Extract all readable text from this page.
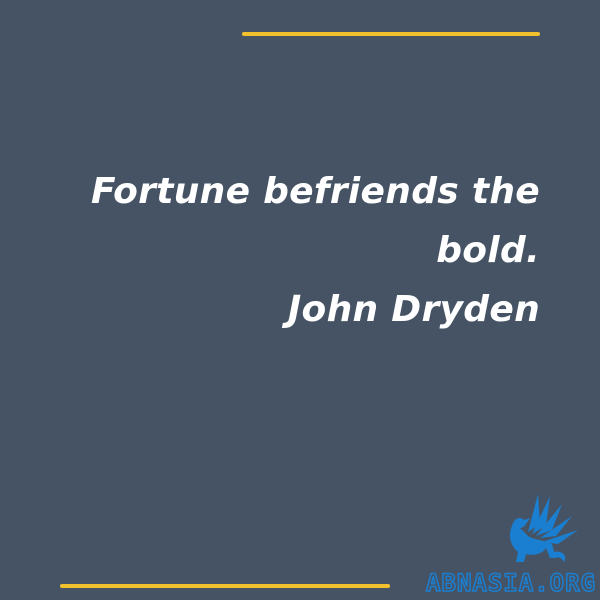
Fortune befriends the
bold.
John Dryden
ABNASIA.ORG
